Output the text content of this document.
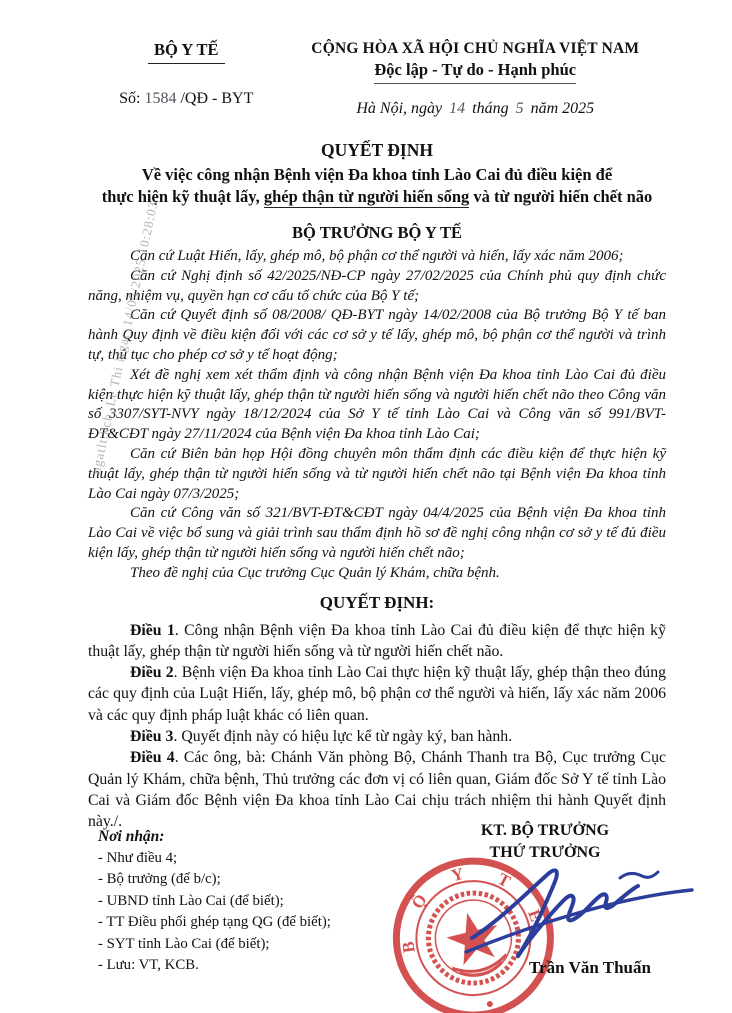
ngatlt.kcb_Le Thi Ngat_14/05/2025 10:28:03
BỘ Y TẾ
Số: 1584 /QĐ - BYT
CỘNG HÒA XÃ HỘI CHỦ NGHĨA VIỆT NAM
Độc lập - Tự do - Hạnh phúc
Hà Nội, ngày 14 tháng 5 năm 2025
QUYẾT ĐỊNH
Về việc công nhận Bệnh viện Đa khoa tỉnh Lào Cai đủ điều kiện để
thực hiện kỹ thuật lấy, ghép thận từ người hiến sống và từ người hiến chết não
BỘ TRƯỞNG BỘ Y TẾ

Căn cứ Luật Hiến, lấy, ghép mô, bộ phận cơ thể người và hiến, lấy xác năm 2006;

Căn cứ Nghị định số 42/2025/NĐ-CP ngày 27/02/2025 của Chính phủ quy định chức năng, nhiệm vụ, quyền hạn cơ cấu tổ chức của Bộ Y tế;

Căn cứ Quyết định số 08/2008/ QĐ-BYT ngày 14/02/2008 của Bộ trưởng Bộ Y tế ban hành Quy định về điều kiện đối với các cơ sở y tế lấy, ghép mô, bộ phận cơ thể người và trình tự, thủ tục cho phép cơ sở y tế hoạt động;

Xét đề nghị xem xét thẩm định và công nhận Bệnh viện Đa khoa tỉnh Lào Cai đủ điều kiện thực hiện kỹ thuật lấy, ghép thận từ người hiến sống và người hiến chết não theo Công văn số 3307/SYT-NVY ngày 18/12/2024 của Sở Y tế tỉnh Lào Cai và Công văn số 991/BVT-ĐT&CĐT ngày 27/11/2024 của Bệnh viện Đa khoa tỉnh Lào Cai;

Căn cứ Biên bản họp Hội đồng chuyên môn thẩm định các điều kiện để thực hiện kỹ thuật lấy, ghép thận từ người hiến sống và từ người hiến chết não tại Bệnh viện Đa khoa tỉnh Lào Cai ngày 07/3/2025;

Căn cứ Công văn số 321/BVT-ĐT&CĐT ngày 04/4/2025 của Bệnh viện Đa khoa tỉnh Lào Cai về việc bổ sung và giải trình sau thẩm định hồ sơ đề nghị công nhận cơ sở y tế đủ điều kiện lấy, ghép thận từ người hiến sống và người hiến chết não;

Theo đề nghị của Cục trưởng Cục Quản lý Khám, chữa bệnh.

QUYẾT ĐỊNH:

Điều 1. Công nhận Bệnh viện Đa khoa tỉnh Lào Cai đủ điều kiện để thực hiện kỹ thuật lấy, ghép thận từ người hiến sống và từ người hiến chết não.

Điều 2. Bệnh viện Đa khoa tỉnh Lào Cai thực hiện kỹ thuật lấy, ghép thận theo đúng các quy định của Luật Hiến, lấy, ghép mô, bộ phận cơ thể người và hiến, lấy xác năm 2006 và các quy định pháp luật khác có liên quan.

Điều 3. Quyết định này có hiệu lực kể từ ngày ký, ban hành.

Điều 4. Các ông, bà: Chánh Văn phòng Bộ, Chánh Thanh tra Bộ, Cục trưởng Cục Quản lý Khám, chữa bệnh, Thủ trưởng các đơn vị có liên quan, Giám đốc Sở Y tế tỉnh Lào Cai và Giám đốc Bệnh viện Đa khoa tỉnh Lào Cai chịu trách nhiệm thi hành Quyết định này./.

Nơi nhận:
- Như điều 4;
- Bộ trưởng (để b/c);
- UBND tỉnh Lào Cai (để biết);
- TT Điều phối ghép tạng QG (để biết);
- SYT tỉnh Lào Cai (để biết);
- Lưu: VT, KCB.
KT. BỘ TRƯỞNG
THỨ TRƯỞNG
Y
Ộ
B
T
Ế
Trần Văn Thuấn
